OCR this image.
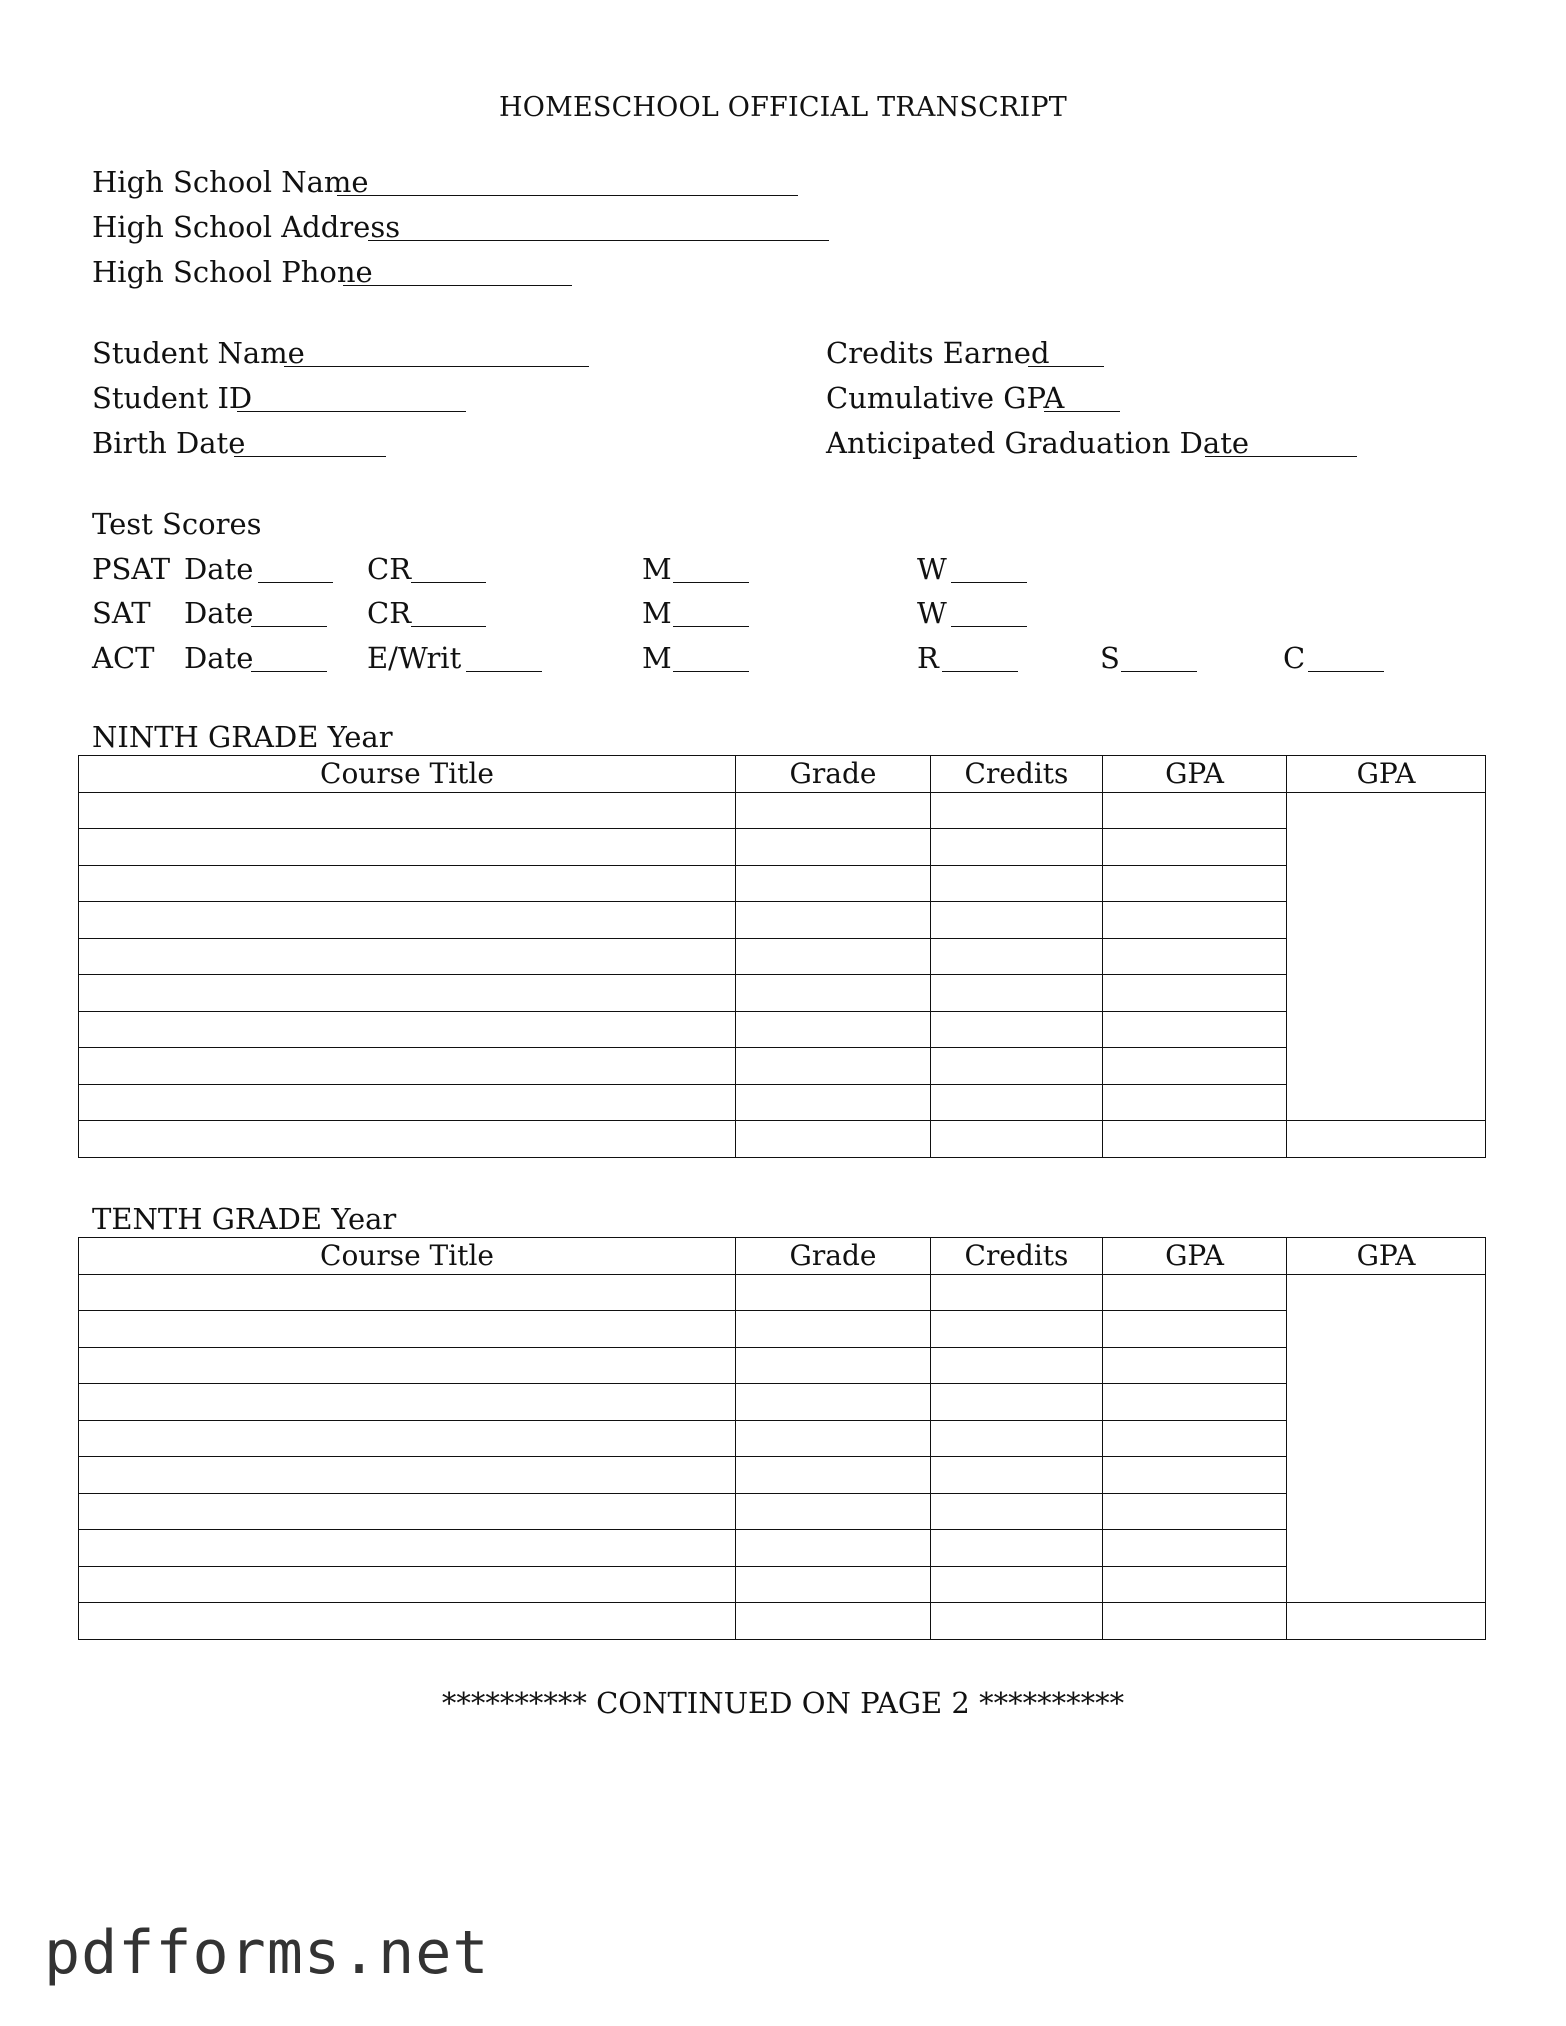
HOMESCHOOL OFFICIAL TRANSCRIPT
High School Name
High School Address
High School Phone
Student Name
Student ID
Birth Date
Credits Earned
Cumulative GPA
Anticipated Graduation Date
Test Scores
PSAT Date	CR	M	W
SAT Date	CR	M	W
ACT Date	E/Writ	M	R	S	C
NINTH GRADE Year
Course Title	Grade	Credits	GPA	GPA

TENTH GRADE Year
Course Title	Grade	Credits	GPA	GPA

********** CONTINUED ON PAGE 2 **********
pdfforms.net
